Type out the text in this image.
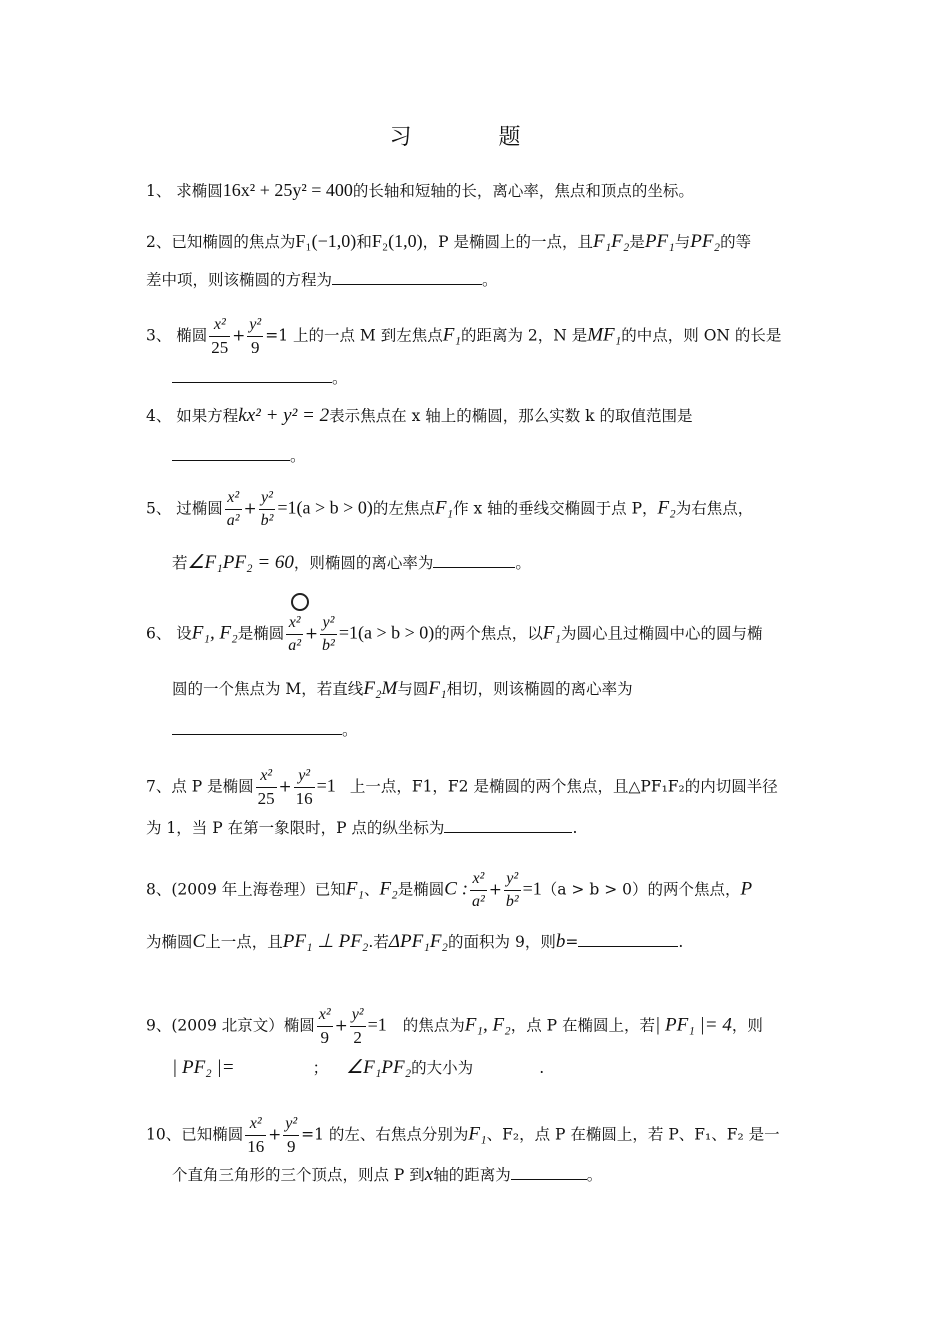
习 题
1、 求椭圆16x² + 25y² = 400的长轴和短轴的长，离心率，焦点和顶点的坐标。
2、已知椭圆的焦点为F₁(−1,0)和F₂(1,0)，P 是椭圆上的一点，且F₁F₂是PF₁与PF₂的等
差中项，则该椭圆的方程为	。
3、 椭圆 $\frac{\text{x²}}{25} + \frac{\text{y²}}{9} =1$ 上的一点 M 到左焦点F₁的距离为 2，N 是MF₁的中点，则 ON 的长是
。
4、 如果方程kx² + y² = 2表示焦点在 x 轴上的椭圆，那么实数 k 的取值范围是
。
5、 过椭圆 $\frac{\text{x²}}{\text{a²}} + \frac{\text{y²}}{\text{b²}} =1(a > b > 0)$的左焦点F₁作 x 轴的垂线交椭圆于点 P，F₂为右焦点，
若∠F₁PF₂ = 60，则椭圆的离心率为	。
6、 设F₁, F₂是椭圆 $\frac{\text{x²}}{\text{a²}} + \frac{\text{y²}}{\text{b²}} =1(a > b > 0)$的两个焦点，以F₁为圆心且过椭圆中心的圆与椭
圆的一个焦点为 M，若直线F₂M与圆F₁相切，则该椭圆的离心率为
。
7、点 P 是椭圆 $\frac{\text{x²}}{25} + \frac{\text{y²}}{16} =1$ 上一点，F1，F2 是椭圆的两个焦点，且△PF₁F₂的内切圆半径
为 1，当 P 在第一象限时，P 点的纵坐标为	.
8、(2009 年上海卷理）已知F₁、F₂是椭圆C : $\frac{\text{x²}}{\text{a²}} + \frac{\text{y²}}{\text{b²}} =1(a > b > 0)$的两个焦点，P
为椭圆C上一点，且PF₁ ⊥ PF₂.若ΔPF₁F₂的面积为 9，则b=	.
9、(2009 北京文）椭圆 $\frac{\text{x²}}{9} + \frac{\text{y²}}{2} =1$ 的焦点为F₁, F₂，点 P 在椭圆上，若| PF₁ |= 4，则
| PF₂ |=	； ∠F₁PF₂的大小为	.
10、已知椭圆 $\frac{\text{x²}}{16} + \frac{\text{y²}}{9} =1$ 的左、右焦点分别为F₁、F₂，点 P 在椭圆上，若 P、F₁、F₂ 是一
个直角三角形的三个顶点，则点 P 到x轴的距离为	。
